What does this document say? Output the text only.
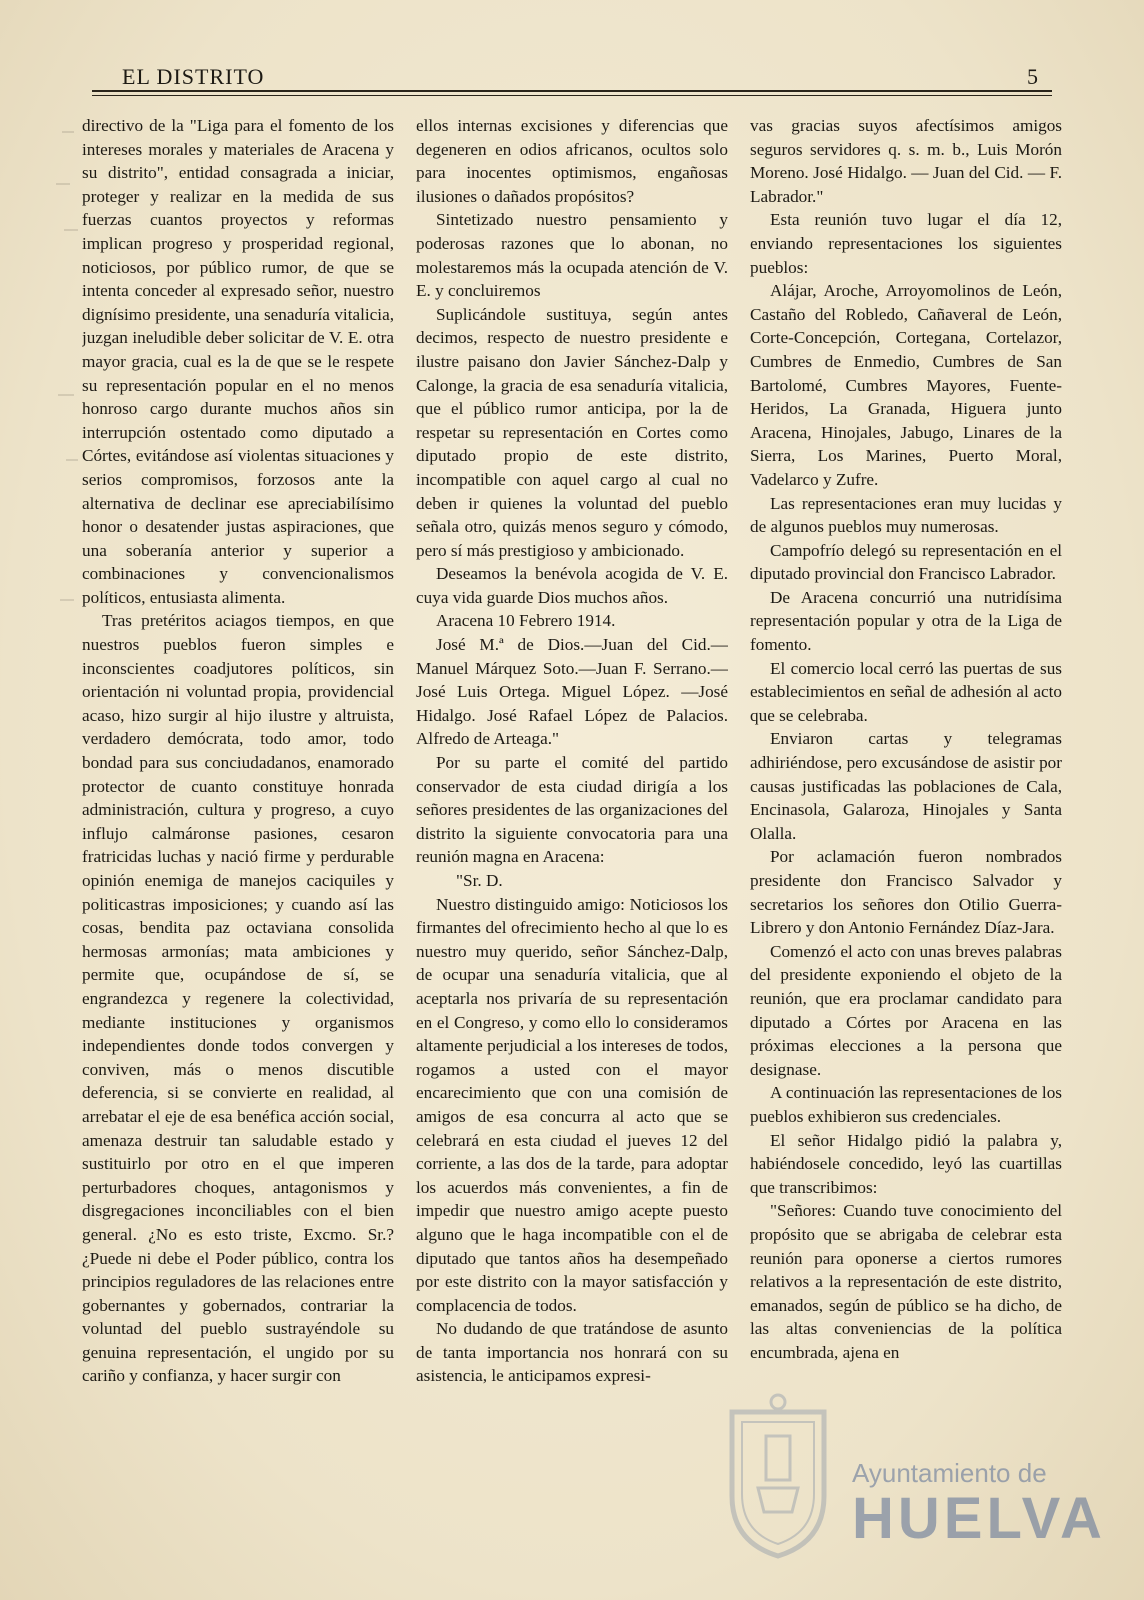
EL DISTRITO	5

directivo de la "Liga para el fomento de los intereses morales y materiales de Aracena y su distrito", entidad consagrada a iniciar, proteger y realizar en la medida de sus fuerzas cuantos proyectos y reformas implican progreso y prosperidad regional, noticiosos, por público rumor, de que se intenta conceder al expresado señor, nuestro dignísimo presidente, una senaduría vitalicia, juzgan ineludible deber solicitar de V. E. otra mayor gracia, cual es la de que se le respete su representación popular en el no menos honroso cargo durante muchos años sin interrupción ostentado como diputado a Córtes, evitándose así violentas situaciones y serios compromisos, forzosos ante la alternativa de declinar ese apreciabilísimo honor o desatender justas aspiraciones, que una soberanía anterior y superior a combinaciones y convencionalismos políticos, entusiasta alimenta.

Tras pretéritos aciagos tiempos, en que nuestros pueblos fueron simples e inconscientes coadjutores políticos, sin orientación ni voluntad propia, providencial acaso, hizo surgir al hijo ilustre y altruista, verdadero demócrata, todo amor, todo bondad para sus conciudadanos, enamorado protector de cuanto constituye honrada administración, cultura y progreso, a cuyo influjo calmáronse pasiones, cesaron fratricidas luchas y nació firme y perdurable opinión enemiga de manejos caciquiles y politicastras imposiciones; y cuando así las cosas, bendita paz octaviana consolida hermosas armonías; mata ambiciones y permite que, ocupándose de sí, se engrandezca y regenere la colectividad, mediante instituciones y organismos independientes donde todos convergen y conviven, más o menos discutible deferencia, si se convierte en realidad, al arrebatar el eje de esa benéfica acción social, amenaza destruir tan saludable estado y sustituirlo por otro en el que imperen perturbadores choques, antagonismos y disgregaciones inconciliables con el bien general. ¿No es esto triste, Excmo. Sr.? ¿Puede ni debe el Poder público, contra los principios reguladores de las relaciones entre gobernantes y gobernados, contrariar la voluntad del pueblo sustrayéndole su genuina representación, el ungido por su cariño y confianza, y hacer surgir con

ellos internas excisiones y diferencias que degeneren en odios africanos, ocultos solo para inocentes optimismos, engañosas ilusiones o dañados propósitos?

Sintetizado nuestro pensamiento y poderosas razones que lo abonan, no molestaremos más la ocupada atención de V. E. y concluiremos

Suplicándole sustituya, según antes decimos, respecto de nuestro presidente e ilustre paisano don Javier Sánchez-Dalp y Calonge, la gracia de esa senaduría vitalicia, que el público rumor anticipa, por la de respetar su representación en Cortes como diputado propio de este distrito, incompatible con aquel cargo al cual no deben ir quienes la voluntad del pueblo señala otro, quizás menos seguro y cómodo, pero sí más prestigioso y ambicionado.

Deseamos la benévola acogida de V. E. cuya vida guarde Dios muchos años.

Aracena 10 Febrero 1914.

José M.ª de Dios.—Juan del Cid.—Manuel Márquez Soto.—Juan F. Serrano.—José Luis Ortega. Miguel López. —José Hidalgo. José Rafael López de Palacios. Alfredo de Arteaga."

Por su parte el comité del partido conservador de esta ciudad dirigía a los señores presidentes de las organizaciones del distrito la siguiente convocatoria para una reunión magna en Aracena:

"Sr. D.

Nuestro distinguido amigo: Noticiosos los firmantes del ofrecimiento hecho al que lo es nuestro muy querido, señor Sánchez-Dalp, de ocupar una senaduría vitalicia, que al aceptarla nos privaría de su representación en el Congreso, y como ello lo consideramos altamente perjudicial a los intereses de todos, rogamos a usted con el mayor encarecimiento que con una comisión de amigos de esa concurra al acto que se celebrará en esta ciudad el jueves 12 del corriente, a las dos de la tarde, para adoptar los acuerdos más convenientes, a fin de impedir que nuestro amigo acepte puesto alguno que le haga incompatible con el de diputado que tantos años ha desempeñado por este distrito con la mayor satisfacción y complacencia de todos.

No dudando de que tratándose de asunto de tanta importancia nos honrará con su asistencia, le anticipamos expresi-

vas gracias suyos afectísimos amigos seguros servidores q. s. m. b., Luis Morón Moreno. José Hidalgo. — Juan del Cid. — F. Labrador."

Esta reunión tuvo lugar el día 12, enviando representaciones los siguientes pueblos:

Alájar, Aroche, Arroyomolinos de León, Castaño del Robledo, Cañaveral de León, Corte-Concepción, Cortegana, Cortelazor, Cumbres de Enmedio, Cumbres de San Bartolomé, Cumbres Mayores, Fuente-Heridos, La Granada, Higuera junto Aracena, Hinojales, Jabugo, Linares de la Sierra, Los Marines, Puerto Moral, Vadelarco y Zufre.

Las representaciones eran muy lucidas y de algunos pueblos muy numerosas.

Campofrío delegó su representación en el diputado provincial don Francisco Labrador.

De Aracena concurrió una nutridísima representación popular y otra de la Liga de fomento.

El comercio local cerró las puertas de sus establecimientos en señal de adhesión al acto que se celebraba.

Enviaron cartas y telegramas adhiriéndose, pero excusándose de asistir por causas justificadas las poblaciones de Cala, Encinasola, Galaroza, Hinojales y Santa Olalla.

Por aclamación fueron nombrados presidente don Francisco Salvador y secretarios los señores don Otilio Guerra-Librero y don Antonio Fernández Díaz-Jara.

Comenzó el acto con unas breves palabras del presidente exponiendo el objeto de la reunión, que era proclamar candidato para diputado a Córtes por Aracena en las próximas elecciones a la persona que designase.

A continuación las representaciones de los pueblos exhibieron sus credenciales.

El señor Hidalgo pidió la palabra y, habiéndosele concedido, leyó las cuartillas que transcribimos:

"Señores: Cuando tuve conocimiento del propósito que se abrigaba de celebrar esta reunión para oponerse a ciertos rumores relativos a la representación de este distrito, emanados, según de público se ha dicho, de las altas conveniencias de la política encumbrada, ajena en

Ayuntamiento de
HUELVA
